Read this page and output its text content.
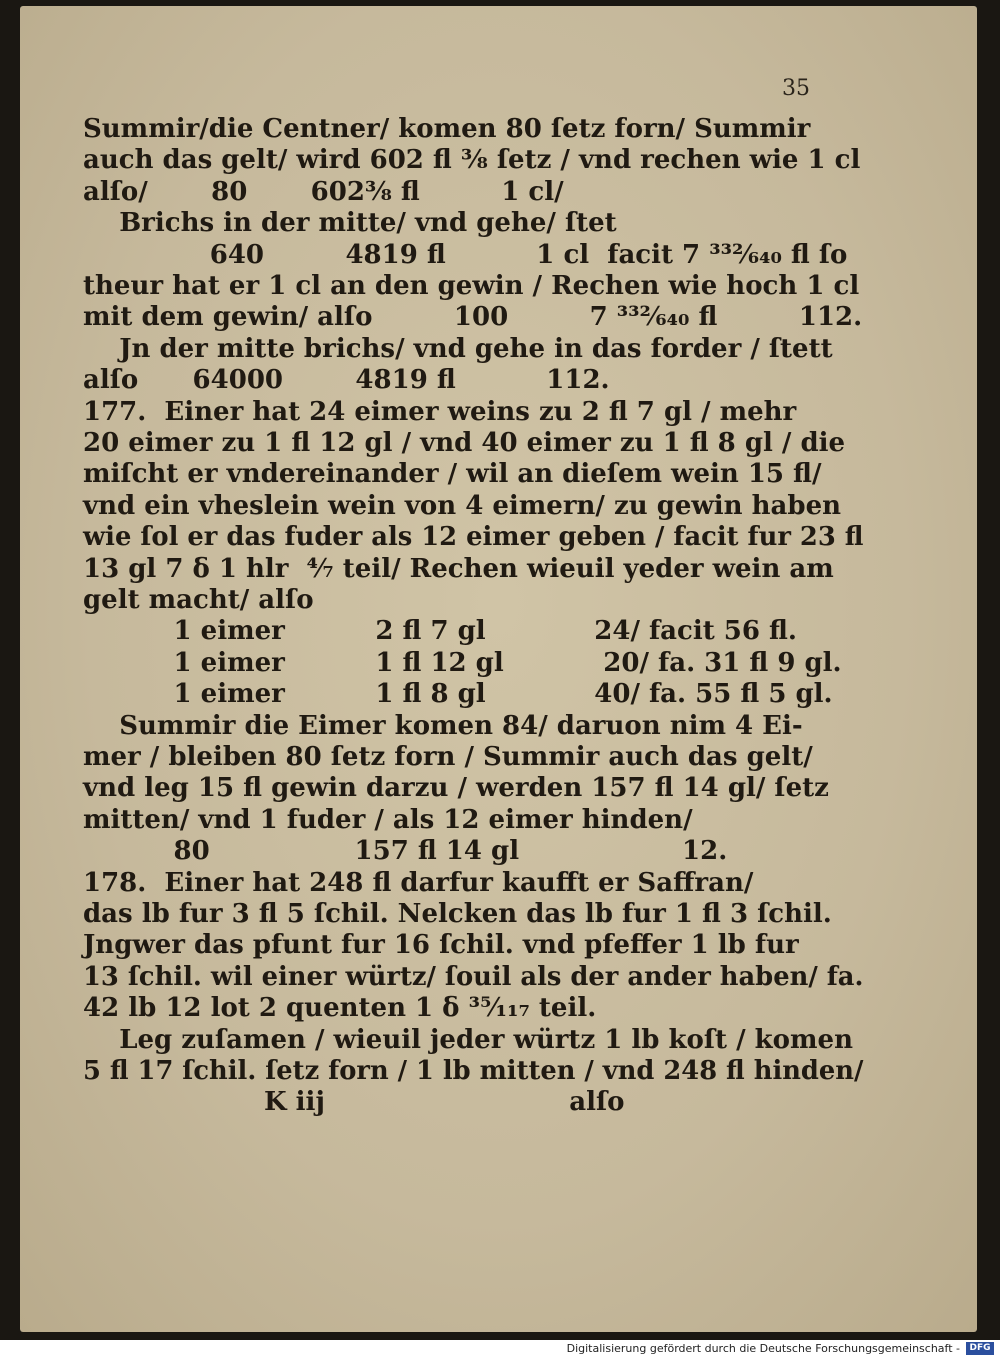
35
Summir/die Centner/ komen 80 ſetz forn/ Summir
auch das gelt/ wird 602 fl ⅜ ſetz / vnd rechen wie 1 cl
alſo/       80       602⅜ fl         1 cl/
Brichs in der mitte/ vnd gehe/ ſtet
640         4819 fl          1 cl  facit 7 ³³²⁄₆₄₀ fl ſo
theur hat er 1 cl an den gewin / Rechen wie hoch 1 cl
mit dem gewin/ alſo         100         7 ³³²⁄₆₄₀ fl         112.
Jn der mitte brichs/ vnd gehe in das forder / ſtett
alſo      64000        4819 fl          112.
177.  Einer hat 24 eimer weins zu 2 fl 7 gl / mehr
20 eimer zu 1 fl 12 gl / vnd 40 eimer zu 1 fl 8 gl / die
miſcht er vndereinander / wil an dieſem wein 15 fl/
vnd ein vheslein wein von 4 eimern/ zu gewin haben
wie ſol er das fuder als 12 eimer geben / facit fur 23 fl
13 gl 7 δ 1 hlr  ⁴⁄₇ teil/ Rechen wieuil yeder wein am
gelt macht/ alſo
1 eimer          2 fl 7 gl            24/ facit 56 fl.
1 eimer          1 fl 12 gl           20/ fa. 31 fl 9 gl.
1 eimer          1 fl 8 gl            40/ fa. 55 fl 5 gl.
Summir die Eimer komen 84/ daruon nim 4 Ei-
mer / bleiben 80 ſetz forn / Summir auch das gelt/
vnd leg 15 fl gewin darzu / werden 157 fl 14 gl/ ſetz
mitten/ vnd 1 fuder / als 12 eimer hinden/
80                157 fl 14 gl                  12.
178.  Einer hat 248 fl darfur kaufft er Saffran/
das lb fur 3 fl 5 ſchil. Nelcken das lb fur 1 fl 3 ſchil.
Jngwer das pfunt fur 16 ſchil. vnd pfeffer 1 lb fur
13 ſchil. wil einer würtz/ ſouil als der ander haben/ fa.
42 lb 12 lot 2 quenten 1 δ ³⁵⁄₁₁₇ teil.
Leg zuſamen / wieuil jeder würtz 1 lb koſt / komen
5 fl 17 ſchil. ſetz forn / 1 lb mitten / vnd 248 fl hinden/
K iij                           alſo
Digitalisierung gefördert durch die Deutsche Forschungsgemeinschaft -	DFG
